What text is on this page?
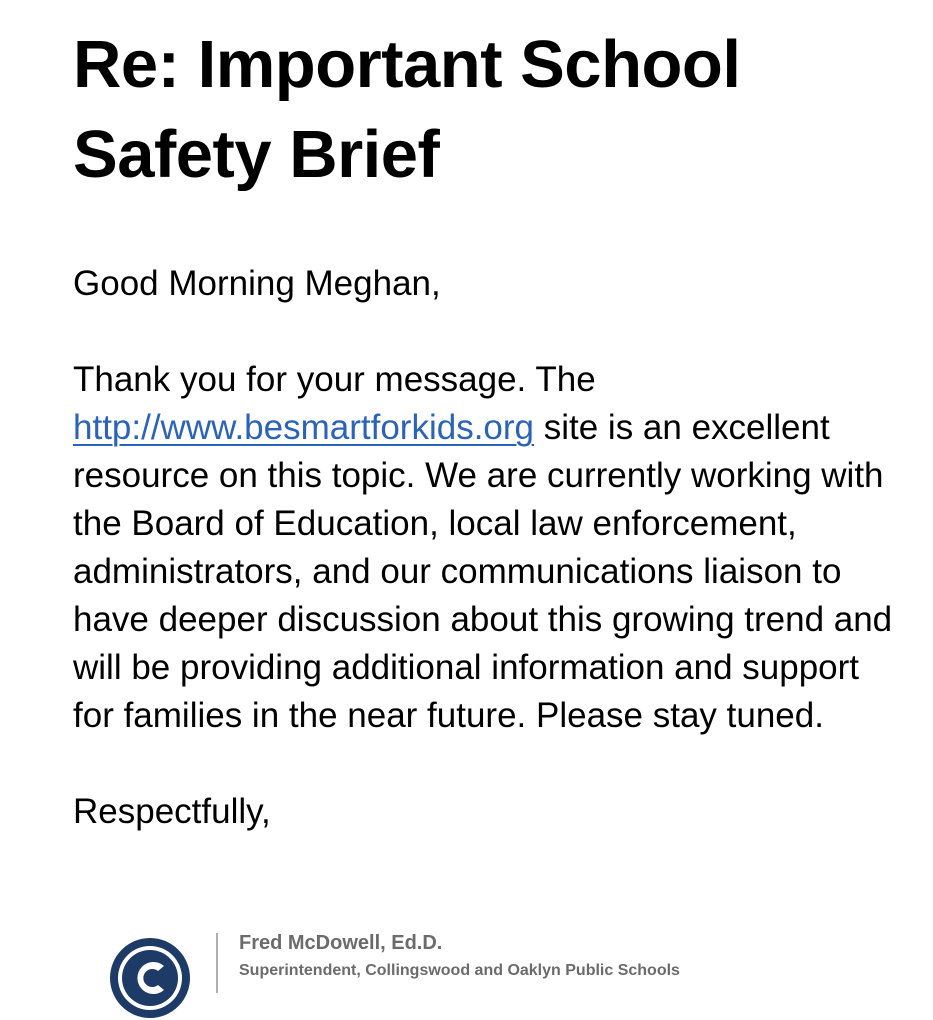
Re: Important School Safety Brief

Good Morning Meghan,

Thank you for your message. The http://www.besmartforkids.org site is an excellent resource on this topic. We are currently working with the Board of Education, local law enforcement, administrators, and our communications liaison to have deeper discussion about this growing trend and will be providing additional information and support for families in the near future. Please stay tuned.

Respectfully,

Fred McDowell, Ed.D.
Superintendent, Collingswood and Oaklyn Public Schools
